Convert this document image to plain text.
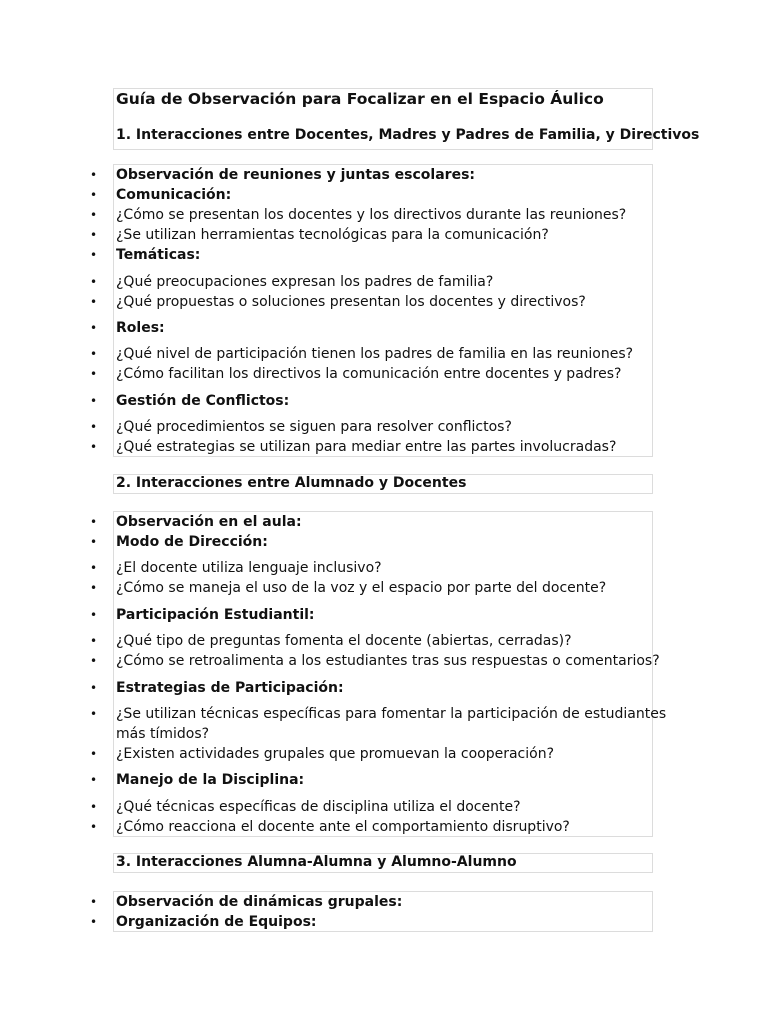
Guía de Observación para Focalizar en el Espacio Áulico
1. Interacciones entre Docentes, Madres y Padres de Familia, y Directivos
• Observación de reuniones y juntas escolares:
• Comunicación:
• ¿Cómo se presentan los docentes y los directivos durante las reuniones?
• ¿Se utilizan herramientas tecnológicas para la comunicación?
• Temáticas:
• ¿Qué preocupaciones expresan los padres de familia?
• ¿Qué propuestas o soluciones presentan los docentes y directivos?
• Roles:
• ¿Qué nivel de participación tienen los padres de familia en las reuniones?
• ¿Cómo facilitan los directivos la comunicación entre docentes y padres?
• Gestión de Conflictos:
• ¿Qué procedimientos se siguen para resolver conflictos?
• ¿Qué estrategias se utilizan para mediar entre las partes involucradas?
2. Interacciones entre Alumnado y Docentes
• Observación en el aula:
• Modo de Dirección:
• ¿El docente utiliza lenguaje inclusivo?
• ¿Cómo se maneja el uso de la voz y el espacio por parte del docente?
• Participación Estudiantil:
• ¿Qué tipo de preguntas fomenta el docente (abiertas, cerradas)?
• ¿Cómo se retroalimenta a los estudiantes tras sus respuestas o comentarios?
• Estrategias de Participación:
• ¿Se utilizan técnicas específicas para fomentar la participación de estudiantes
más tímidos?
• ¿Existen actividades grupales que promuevan la cooperación?
• Manejo de la Disciplina:
• ¿Qué técnicas específicas de disciplina utiliza el docente?
• ¿Cómo reacciona el docente ante el comportamiento disruptivo?
3. Interacciones Alumna-Alumna y Alumno-Alumno
• Observación de dinámicas grupales:
• Organización de Equipos:
